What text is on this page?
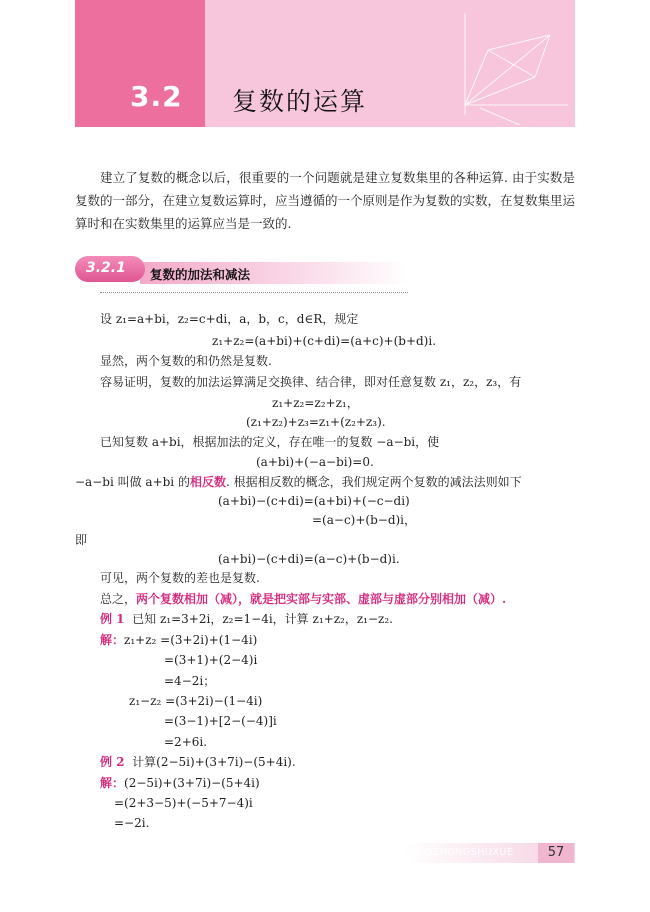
3.2 复数的运算
建立了复数的概念以后，很重要的一个问题就是建立复数集里的各种运算. 由于实数是复数的一部分，在建立复数运算时，应当遵循的一个原则是作为复数的实数，在复数集里运算时和在实数集里的运算应当是一致的.
3.2.1 复数的加法和减法
设 z₁=a+bi，z₂=c+di，a，b，c，d∈R，规定
z₁+z₂=(a+bi)+(c+di)=(a+c)+(b+d)i.
显然，两个复数的和仍然是复数.
容易证明，复数的加法运算满足交换律、结合律，即对任意复数 z₁，z₂，z₃，有
z₁+z₂=z₂+z₁，
(z₁+z₂)+z₃=z₁+(z₂+z₃).
已知复数 a+bi，根据加法的定义，存在唯一的复数 −a−bi，使
(a+bi)+(−a−bi)=0.
−a−bi 叫做 a+bi 的相反数. 根据相反数的概念，我们规定两个复数的减法法则如下
(a+bi)−(c+di)=(a+bi)+(−c−di)
=(a−c)+(b−d)i，
即
(a+bi)−(c+di)=(a−c)+(b−d)i.
可见，两个复数的差也是复数.
总之，两个复数相加（减），就是把实部与实部、虚部与虚部分别相加（减）.
例 1 已知 z₁=3+2i，z₂=1−4i，计算 z₁+z₂，z₁−z₂.
解：z₁+z₂ =(3+2i)+(1−4i)
=(3+1)+(2−4)i
=4−2i；
z₁−z₂ =(3+2i)−(1−4i)
=(3−1)+[2−(−4)]i
=2+6i.
例 2 计算(2−5i)+(3+7i)−(5+4i).
解：(2−5i)+(3+7i)−(5+4i)
=(2+3−5)+(−5+7−4)i
=−2i.
GAOZHONGSHUXUE	57
